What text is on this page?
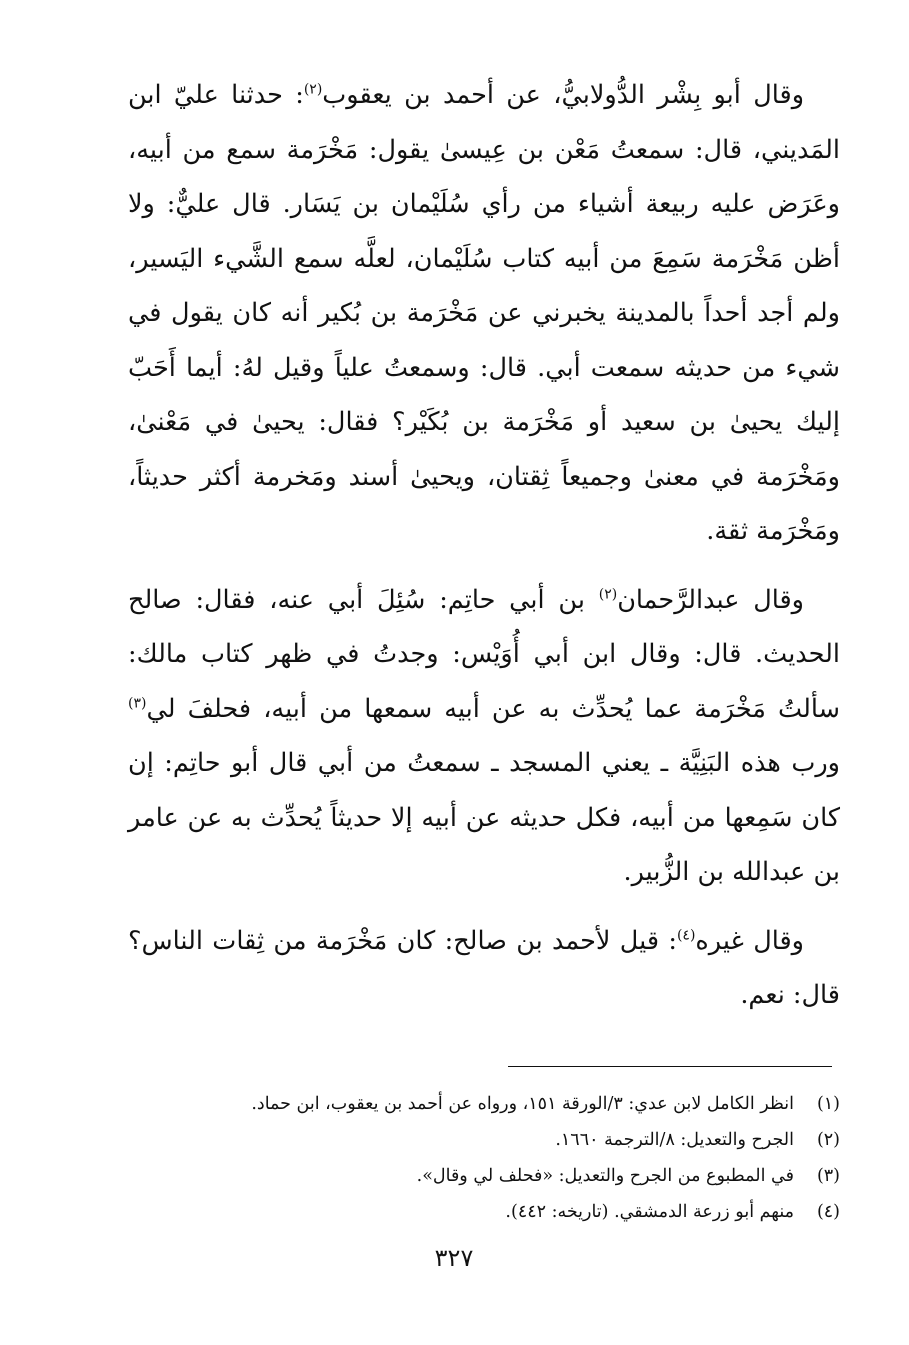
وقال أبو بِشْر الدُّولابيُّ، عن أحمد بن يعقوب$^{(٢)}$: حدثنا عليّ ابن المَديني، قال: سمعتُ مَعْن بن عِيسىٰ يقول: مَخْرَمة سمع من أبيه، وعَرَض عليه ربيعة أشياء من رأي سُلَيْمان بن يَسَار. قال عليٌّ: ولا أظن مَخْرَمة سَمِعَ من أبيه كتاب سُلَيْمان، لعلَّه سمع الشَّيء اليَسير، ولم أجد أحداً بالمدينة يخبرني عن مَخْرَمة بن بُكير أنه كان يقول في شيء من حديثه سمعت أبي. قال: وسمعتُ علياً وقيل لهُ: أيما أَحَبّ إليك يحيىٰ بن سعيد أو مَخْرَمة بن بُكَيْر؟ فقال: يحيىٰ في مَعْنىٰ، ومَخْرَمة في معنىٰ وجميعاً ثِقتان، ويحيىٰ أسند ومَخرمة أكثر حديثاً، ومَخْرَمة ثقة.

وقال عبدالرَّحمان$^{(٢)}$ بن أبي حاتِم: سُئِلَ أبي عنه، فقال: صالح الحديث. قال: وقال ابن أبي أُوَيْس: وجدتُ في ظهر كتاب مالك: سألتُ مَخْرَمة عما يُحدِّث به عن أبيه سمعها من أبيه، فحلفَ لي$^{(٣)}$ ورب هذه البَنِيَّة ـ يعني المسجد ـ سمعتُ من أبي قال أبو حاتِم: إن كان سَمِعها من أبيه، فكل حديثه عن أبيه إلا حديثاً يُحدِّث به عن عامر بن عبدالله بن الزُّبير.

وقال غيره$^{(٤)}$: قيل لأحمد بن صالح: كان مَخْرَمة من ثِقات الناس؟ قال: نعم.

(١)
انظر الكامل لابن عدي: ٣/الورقة ١٥١، ورواه عن أحمد بن يعقوب، ابن حماد.
(٢)
الجرح والتعديل: ٨/الترجمة ١٦٦٠.
(٣)
في المطبوع من الجرح والتعديل: «فحلف لي وقال».
(٤)
منهم أبو زرعة الدمشقي. (تاريخه: ٤٤٢).
٣٢٧
